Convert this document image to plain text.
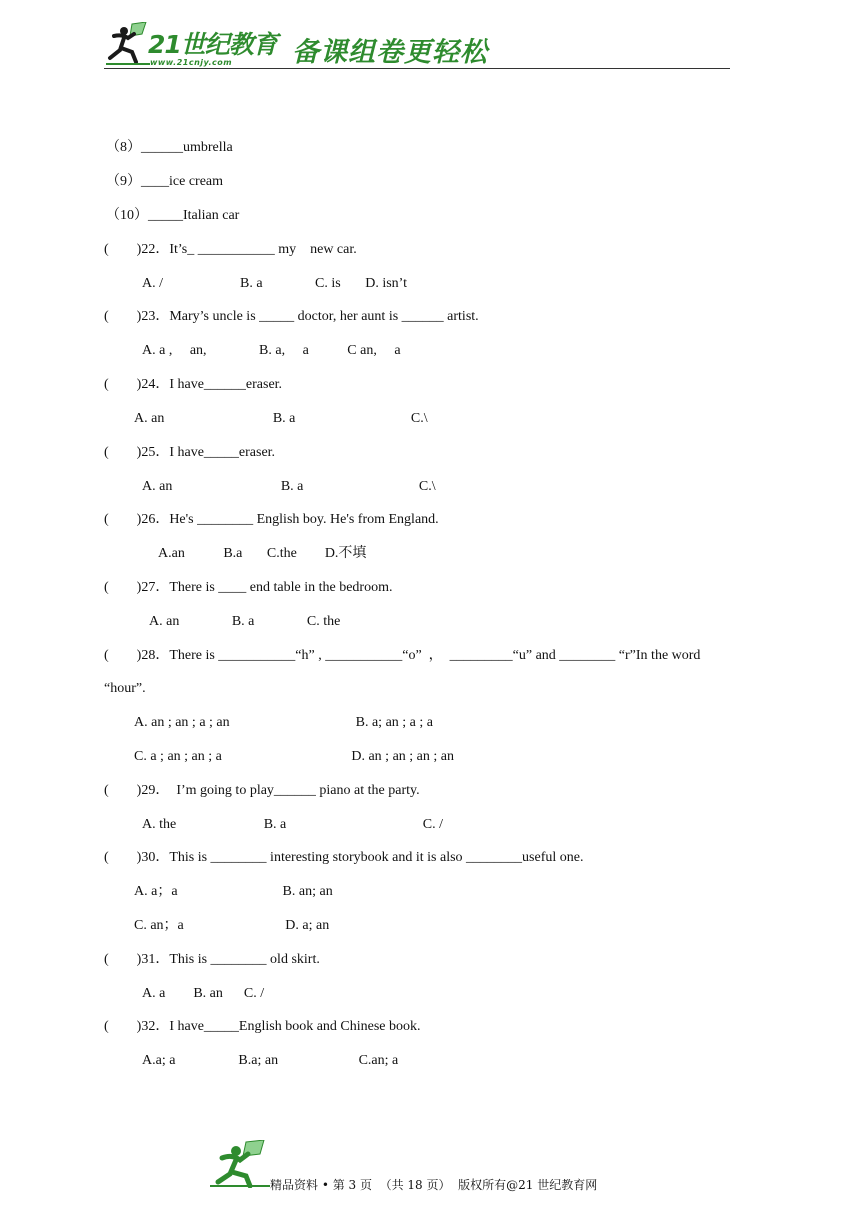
21世纪教育
www.21cnjy.com 备课组卷更轻松
（8）______umbrella
（9）____ice cream
（10）_____Italian car
(        )22．It’s_ ___________ my    new car.
A. /                      B. a               C. is       D. isn’t
(        )23．Mary’s uncle is _____ doctor, her aunt is ______ artist.
A. a ,     an,               B. a,     a           C an,     a
(        )24．I have______eraser.
A. an                               B. a                                 C.\
(        )25．I have_____eraser.
A. an                               B. a                                 C.\
(        )26．He's ________ English boy. He's from England.
A.an           B.a       C.the        D.不填
(        )27．There is ____ end table in the bedroom.
A. an               B. a               C. the
(        )28．There is ___________“h” , ___________“o”  ，  _________“u” and ________ “r”In the word
“hour”.
A. an ; an ; a ; an                                    B. a; an ; a ; a
C. a ; an ; an ; a                                     D. an ; an ; an ; an
(        )29．  I’m going to play______ piano at the party.
A. the                         B. a                                       C. /
(        )30．This is ________ interesting storybook and it is also ________useful one.
A. a；a                              B. an; an
C. an；a                             D. a; an
(        )31．This is ________ old skirt.
A. a        B. an      C. /
(        )32．I have_____English book and Chinese book.
A.a; a                  B.a; an                       C.an; a
精品资料 • 第 3 页  （共 18 页）  版权所有@21 世纪教育网
